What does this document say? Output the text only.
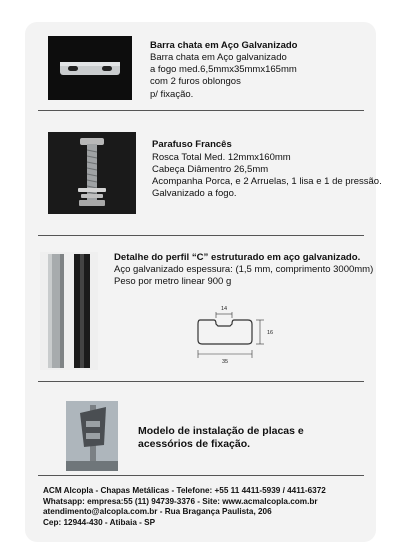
Barra chata em Aço Galvanizado
Barra chata em Aço galvanizado
a fogo med.6,5mmx35mmx165mm
com 2 furos oblongos
p/ fixação.
Parafuso Francês
Rosca Total Med. 12mmx160mm
Cabeça Diâmentro 26,5mm
Acompanha Porca, e 2 Arruelas, 1 lisa e 1 de pressão.
Galvanizado a fogo.
Detalhe do perfil “C” estruturado em aço galvanizado.
Aço galvanizado espessura: (1,5 mm, comprimento 3000mm)
Peso por metro linear 900 g
14
16
35
Modelo de instalação de placas e
acessórios de fixação.
ACM Alcopla - Chapas Metálicas - Telefone: +55 11 4411-5939 / 4411-6372
Whatsapp: empresa:55 (11) 94739-3376 - Site: www.acmalcopla.com.br
atendimento@alcopla.com.br - Rua Bragança Paulista, 206
Cep: 12944-430 - Atibaia - SP
